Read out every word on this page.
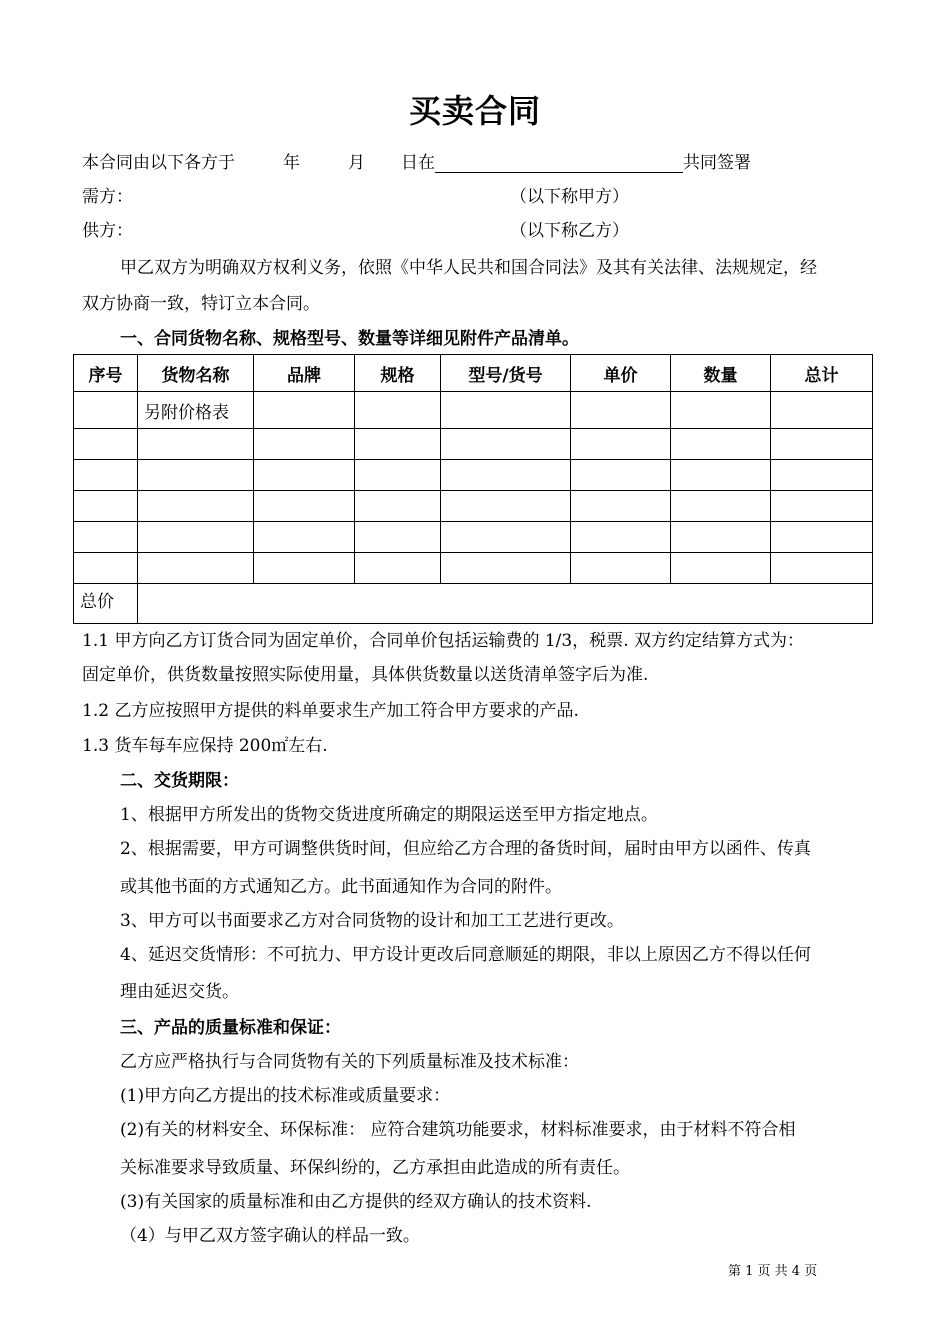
买卖合同
本合同由以下各方于	年	月 日在	共同签署
需方：	（以下称甲方）
供方：	（以下称乙方）
甲乙双方为明确双方权利义务，依照《中华人民共和国合同法》及其有关法律、法规规定，经
双方协商一致，特订立本合同。
一、合同货物名称、规格型号、数量等详细见附件产品清单。
序号	货物名称	品牌	规格	型号/货号	单价	数量	总计
	另附价格表						

总价							
1.1 甲方向乙方订货合同为固定单价，合同单价包括运输费的 1/3，税票. 双方约定结算方式为：
固定单价，供货数量按照实际使用量，具体供货数量以送货清单签字后为准.
1.2 乙方应按照甲方提供的料单要求生产加工符合甲方要求的产品.
1.3 货车每车应保持 200㎡左右.
二、交货期限：
1、根据甲方所发出的货物交货进度所确定的期限运送至甲方指定地点。
2、根据需要，甲方可调整供货时间，但应给乙方合理的备货时间，届时由甲方以函件、传真
或其他书面的方式通知乙方。此书面通知作为合同的附件。
3、甲方可以书面要求乙方对合同货物的设计和加工工艺进行更改。
4、延迟交货情形：不可抗力、甲方设计更改后同意顺延的期限，非以上原因乙方不得以任何
理由延迟交货。
三、产品的质量标准和保证：
乙方应严格执行与合同货物有关的下列质量标准及技术标准：
(1)甲方向乙方提出的技术标准或质量要求：
(2)有关的材料安全、环保标准： 应符合建筑功能要求，材料标准要求，由于材料不符合相
关标准要求导致质量、环保纠纷的，乙方承担由此造成的所有责任。
(3)有关国家的质量标准和由乙方提供的经双方确认的技术资料.
（4）与甲乙双方签字确认的样品一致。
第 1 页 共 4 页
